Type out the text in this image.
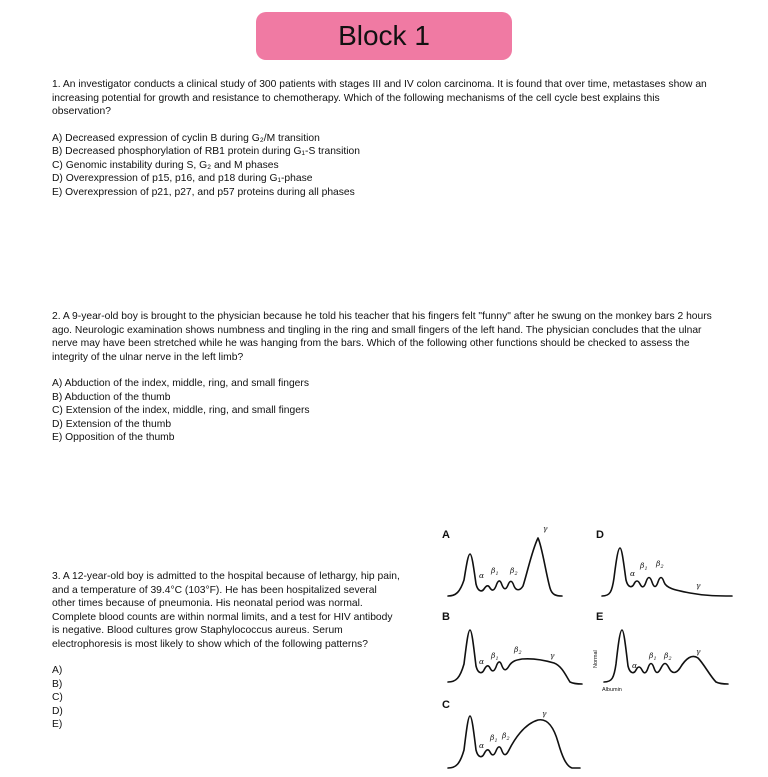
Block 1

1. An investigator conducts a clinical study of 300 patients with stages III and IV colon carcinoma. It is found that over time, metastases show an increasing potential for growth and resistance to chemotherapy. Which of the following mechanisms of the cell cycle best explains this observation?

A) Decreased expression of cyclin B during G₂/M transition
B) Decreased phosphorylation of RB1 protein during G₁-S transition
C) Genomic instability during S, G₂ and M phases
D) Overexpression of p15, p16, and p18 during G₁-phase
E) Overexpression of p21, p27, and p57 proteins during all phases

2. A 9-year-old boy is brought to the physician because he told his teacher that his fingers felt "funny" after he swung on the monkey bars 2 hours ago. Neurologic examination shows numbness and tingling in the ring and small fingers of the left hand. The physician concludes that the ulnar nerve may have been stretched while he was hanging from the bars. Which of the following other functions should be checked to assess the integrity of the ulnar nerve in the left limb?

A) Abduction of the index, middle, ring, and small fingers
B) Abduction of the thumb
C) Extension of the index, middle, ring, and small fingers
D) Extension of the thumb
E) Opposition of the thumb

3. A 12-year-old boy is admitted to the hospital because of lethargy, hip pain, and a temperature of 39.4°C (103°F). He has been hospitalized several other times because of pneumonia. His neonatal period was normal. Complete blood counts are within normal limits, and a test for HIV antibody is negative. Blood cultures grow Staphylococcus aureus. Serum electrophoresis is most likely to show which of the following patterns?

A)
B)
C)
D)
E)
A
α
β 1 β 2
γ
D
α
β 1
β 2
γ
B
α
β 1
β 2	γ
E
Normal	α
β 1 β 2
γ
Albumin
C
α
β 1
β 2
γ
